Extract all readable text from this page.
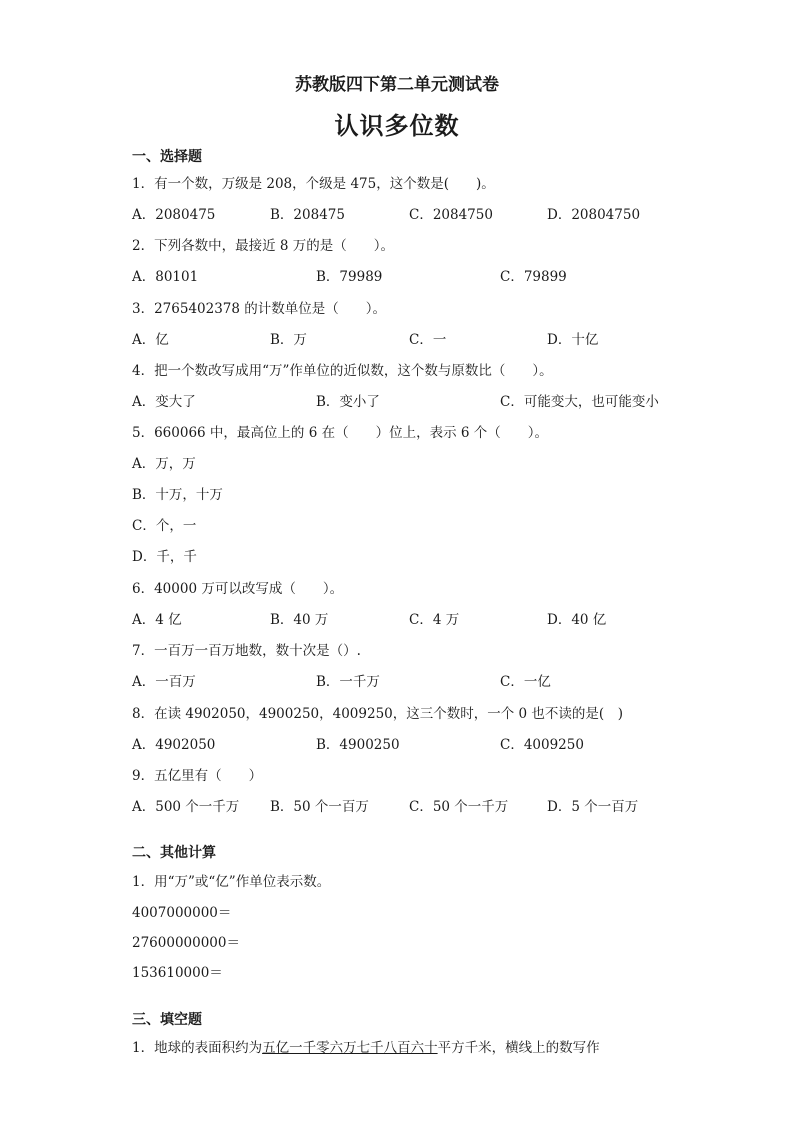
苏教版四下第二单元测试卷
认识多位数
一、选择题
1．有一个数，万级是 208，个级是 475，这个数是(　　)。
A．2080475	B．208475	C．2084750	D．20804750
2．下列各数中，最接近 8 万的是（　　）。
A．80101	B．79989	C．79899
3．2765402378 的计数单位是（　　）。
A．亿	B．万	C．一	D．十亿
4．把一个数改写成用“万”作单位的近似数，这个数与原数比（　　）。
A．变大了	B．变小了	C．可能变大，也可能变小
5．660066 中，最高位上的 6 在（　　）位上，表示 6 个（　　）。
A．万，万
B．十万，十万
C．个，一
D．千，千
6．40000 万可以改写成（　　）。
A．4 亿	B．40 万	C．4 万	D．40 亿
7．一百万一百万地数，数十次是（）.
A．一百万	B．一千万	C．一亿
8．在读 4902050，4900250，4009250，这三个数时，一个 0 也不读的是(　)
A．4902050	B．4900250	C．4009250
9．五亿里有（　　）
A．500 个一千万 B．50 个一百万	C．50 个一千万	D．5 个一百万
二、其他计算
1．用“万”或“亿”作单位表示数。
4007000000＝
27600000000＝
153610000＝
三、填空题
1．地球的表面积约为五亿一千零六万七千八百六十平方千米，横线上的数写作
